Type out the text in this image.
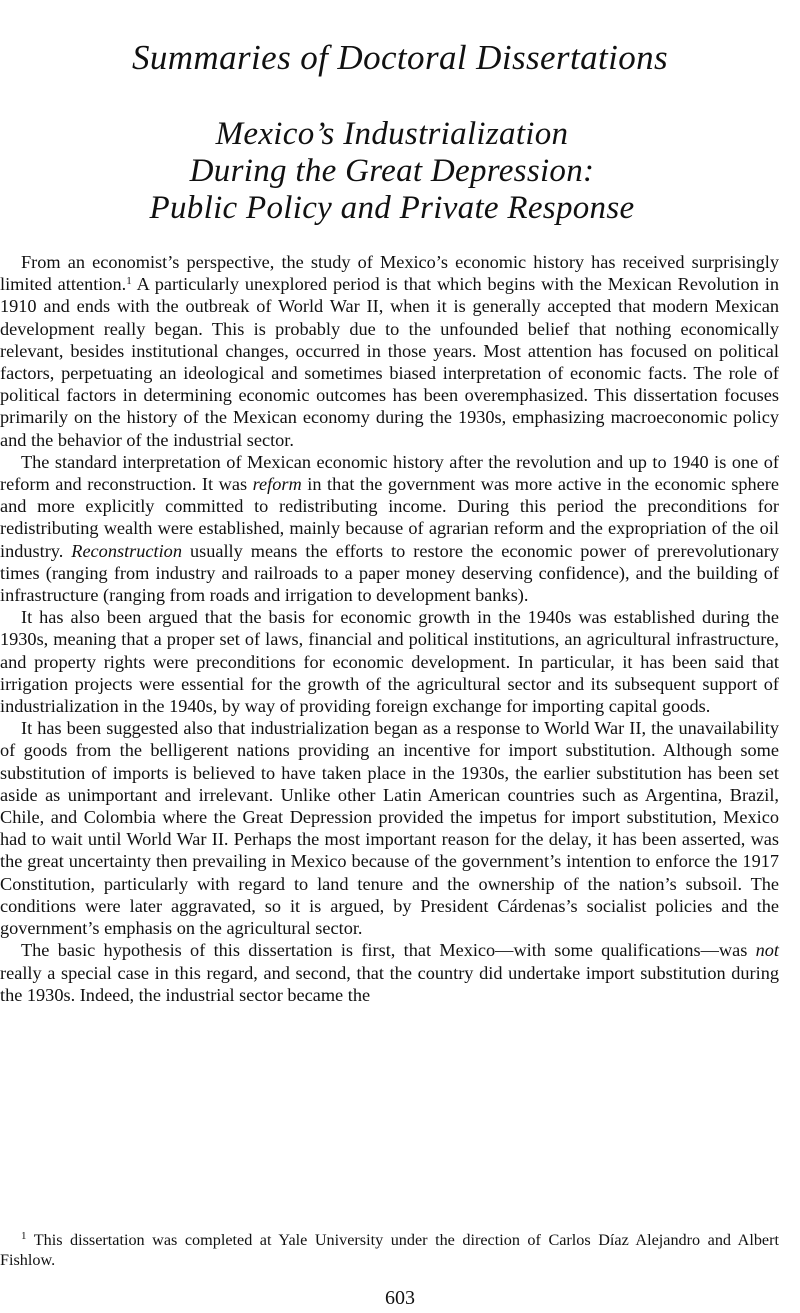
Summaries of Doctoral Dissertations
Mexico’s Industrialization
During the Great Depression:
Public Policy and Private Response

From an economist’s perspective, the study of Mexico’s economic history has received surprisingly limited attention.$^1$ A particularly unexplored period is that which begins with the Mexican Revolution in 1910 and ends with the outbreak of World War II, when it is generally accepted that modern Mexican development really began. This is probably due to the unfounded belief that nothing economically relevant, besides institutional changes, occurred in those years. Most attention has focused on political factors, perpetuating an ideological and sometimes biased interpretation of economic facts. The role of political factors in determining economic outcomes has been overemphasized. This dissertation focuses primarily on the history of the Mexican economy during the 1930s, emphasizing macroeconomic policy and the behavior of the industrial sector.

The standard interpretation of Mexican economic history after the revolution and up to 1940 is one of reform and reconstruction. It was reform in that the government was more active in the economic sphere and more explicitly committed to redistributing income. During this period the preconditions for redistributing wealth were established, mainly because of agrarian reform and the expropriation of the oil industry. Reconstruction usually means the efforts to restore the economic power of prerevolutionary times (ranging from industry and railroads to a paper money deserving confidence), and the building of infrastructure (ranging from roads and irrigation to development banks).

It has also been argued that the basis for economic growth in the 1940s was established during the 1930s, meaning that a proper set of laws, financial and political institutions, an agricultural infrastructure, and property rights were preconditions for economic development. In particular, it has been said that irrigation projects were essential for the growth of the agricultural sector and its subsequent support of industrialization in the 1940s, by way of providing foreign exchange for importing capital goods.

It has been suggested also that industrialization began as a response to World War II, the unavailability of goods from the belligerent nations providing an incentive for import substitution. Although some substitution of imports is believed to have taken place in the 1930s, the earlier substitution has been set aside as unimportant and irrelevant. Unlike other Latin American countries such as Argentina, Brazil, Chile, and Colombia where the Great Depression provided the impetus for import substitution, Mexico had to wait until World War II. Perhaps the most important reason for the delay, it has been asserted, was the great uncertainty then prevailing in Mexico because of the government’s intention to enforce the 1917 Constitution, particularly with regard to land tenure and the ownership of the nation’s subsoil. The conditions were later aggravated, so it is argued, by President Cárdenas’s socialist policies and the government’s emphasis on the agricultural sector.

The basic hypothesis of this dissertation is first, that Mexico—with some qualifications—was not really a special case in this regard, and second, that the country did undertake import substitution during the 1930s. Indeed, the industrial sector became the

$^1$ This dissertation was completed at Yale University under the direction of Carlos Díaz Alejandro and Albert Fishlow.

603
